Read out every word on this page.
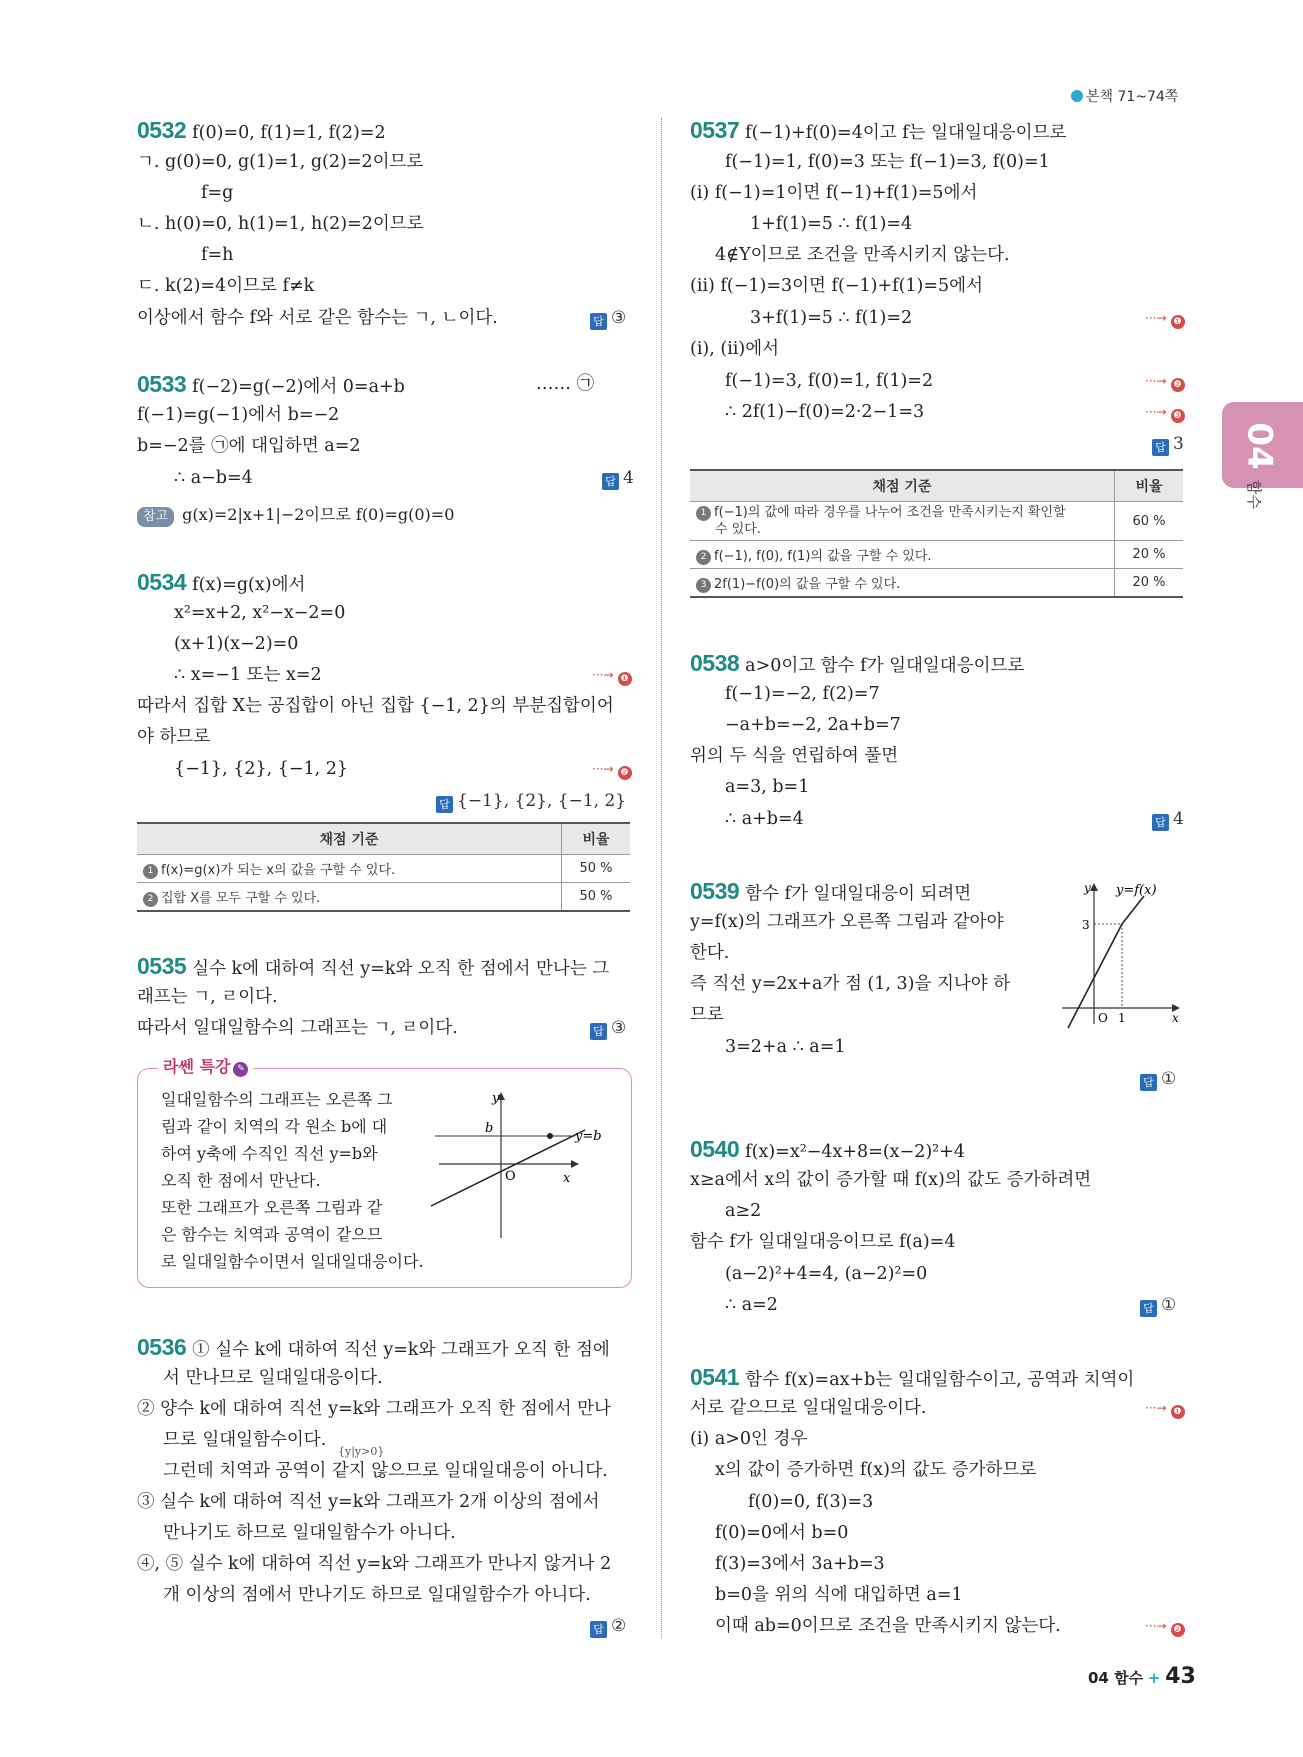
본책 71~74쪽
04
함수
0532 f(0)=0, f(1)=1, f(2)=2
ㄱ. g(0)=0, g(1)=1, g(2)=2이므로
f=g
ㄴ. h(0)=0, h(1)=1, h(2)=2이므로
f=h
ㄷ. k(2)=4이므로 f≠k
이상에서 함수 f와 서로 같은 함수는 ㄱ, ㄴ이다.	답 ③
0533 f(−2)=g(−2)에서 0=a+b	…… ㉠
f(−1)=g(−1)에서 b=−2
b=−2를 ㉠에 대입하면 a=2
∴ a−b=4	답 4
참고 g(x)=2|x+1|−2이므로 f(0)=g(0)=0
0534 f(x)=g(x)에서
x²=x+2, x²−x−2=0
(x+1)(x−2)=0
∴ x=−1 또는 x=2	···→ ❶
따라서 집합 X는 공집합이 아닌 집합 {−1, 2}의 부분집합이어
야 하므로
{−1}, {2}, {−1, 2}	···→ ❷
답 {−1}, {2}, {−1, 2}
채점 기준	비율
1 f(x)=g(x)가 되는 x의 값을 구할 수 있다.	50 %
2 집합 X를 모두 구할 수 있다.	50 %
0535 실수 k에 대하여 직선 y=k와 오직 한 점에서 만나는 그
래프는 ㄱ, ㄹ이다.
따라서 일대일함수의 그래프는 ㄱ, ㄹ이다.	답 ③
라쎈 특강 ✎
일대일함수의 그래프는 오른쪽 그
림과 같이 치역의 각 원소 b에 대
하여 y축에 수직인 직선 y=b와
오직 한 점에서 만난다.
또한 그래프가 오른쪽 그림과 같
은 함수는 치역과 공역이 같으므
로 일대일함수이면서 일대일대응이다.
y
b
O	x
y=b
0536 ① 실수 k에 대하여 직선 y=k와 그래프가 오직 한 점에
서 만나므로 일대일대응이다.
② 양수 k에 대하여 직선 y=k와 그래프가 오직 한 점에서 만나
므로 일대일함수이다.
{y|y>0}
그런데 치역과 공역이 같지 않으므로 일대일대응이 아니다.
③ 실수 k에 대하여 직선 y=k와 그래프가 2개 이상의 점에서
만나기도 하므로 일대일함수가 아니다.
④, ⑤ 실수 k에 대하여 직선 y=k와 그래프가 만나지 않거나 2
개 이상의 점에서 만나기도 하므로 일대일함수가 아니다.
답 ②
0537 f(−1)+f(0)=4이고 f는 일대일대응이므로
f(−1)=1, f(0)=3 또는 f(−1)=3, f(0)=1
(ⅰ) f(−1)=1이면 f(−1)+f(1)=5에서
1+f(1)=5 ∴ f(1)=4
4∉Y이므로 조건을 만족시키지 않는다.
(ⅱ) f(−1)=3이면 f(−1)+f(1)=5에서
3+f(1)=5 ∴ f(1)=2	···→ ❶
(ⅰ), (ⅱ)에서
f(−1)=3, f(0)=1, f(1)=2	···→ ❷
∴ 2f(1)−f(0)=2·2−1=3	···→ ❸
답 3
채점 기준	비율
1 f(−1)의 값에 따라 경우를 나누어 조건을 만족시키는지 확인할
수 있다.	60 %
2 f(−1), f(0), f(1)의 값을 구할 수 있다.	20 %
3 2f(1)−f(0)의 값을 구할 수 있다.	20 %
0538 a>0이고 함수 f가 일대일대응이므로
f(−1)=−2, f(2)=7
−a+b=−2, 2a+b=7
위의 두 식을 연립하여 풀면
a=3, b=1
∴ a+b=4	답 4
0539 함수 f가 일대일대응이 되려면
y=f(x)의 그래프가 오른쪽 그림과 같아야
한다.
즉 직선 y=2x+a가 점 (1, 3)을 지나야 하
므로
3=2+a ∴ a=1
답 ①
y y=f(x)
3
O 1	x
0540 f(x)=x²−4x+8=(x−2)²+4
x≥a에서 x의 값이 증가할 때 f(x)의 값도 증가하려면
a≥2
함수 f가 일대일대응이므로 f(a)=4
(a−2)²+4=4, (a−2)²=0
∴ a=2	답 ①
0541 함수 f(x)=ax+b는 일대일함수이고, 공역과 치역이
서로 같으므로 일대일대응이다.	···→ ❶
(ⅰ) a>0인 경우
x의 값이 증가하면 f(x)의 값도 증가하므로
f(0)=0, f(3)=3
f(0)=0에서 b=0
f(3)=3에서 3a+b=3
b=0을 위의 식에 대입하면 a=1
이때 ab=0이므로 조건을 만족시키지 않는다.	···→ ❷
04 함수 + 43
